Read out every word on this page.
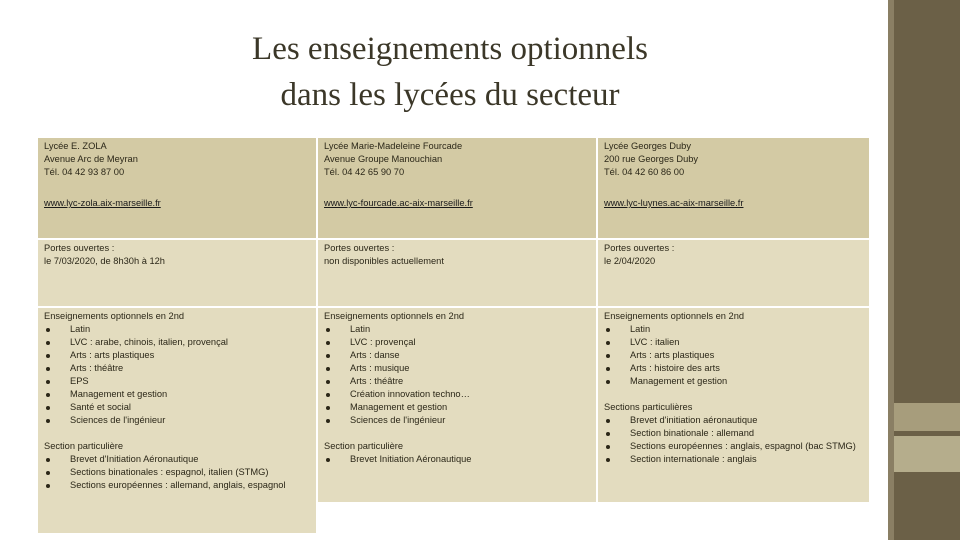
Les enseignements optionnels
dans les lycées du secteur
Lycée E. ZOLA
Avenue Arc de Meyran
Tél. 04 42 93 87 00
www.lyc-zola.aix-marseille.fr
Lycée Marie-Madeleine Fourcade
Avenue Groupe Manouchian
Tél. 04 42 65 90 70
www.lyc-fourcade.ac-aix-marseille.fr
Lycée Georges Duby
200 rue Georges Duby
Tél. 04 42 60 86 00
www.lyc-luynes.ac-aix-marseille.fr
Portes ouvertes :
le 7/03/2020, de 8h30h à 12h
Portes ouvertes :
non disponibles actuellement
Portes ouvertes :
le 2/04/2020
Enseignements optionnels en 2nd
Latin
LVC : arabe, chinois, italien, provençal
Arts : arts plastiques
Arts : théâtre
EPS
Management et gestion
Santé et social
Sciences de l'ingénieur
Section particulière
Brevet d'Initiation Aéronautique
Sections binationales : espagnol, italien (STMG)
Sections européennes : allemand, anglais, espagnol
Enseignements optionnels en 2nd
Latin
LVC : provençal
Arts : danse
Arts : musique
Arts : théâtre
Création innovation techno…
Management et gestion
Sciences de l'ingénieur
Section particulière
Brevet Initiation Aéronautique
Enseignements optionnels en 2nd
Latin
LVC : italien
Arts : arts plastiques
Arts : histoire des arts
Management et gestion
Sections particulières
Brevet d'initiation aéronautique
Section binationale : allemand
Sections européennes : anglais, espagnol (bac STMG)
Section internationale : anglais
